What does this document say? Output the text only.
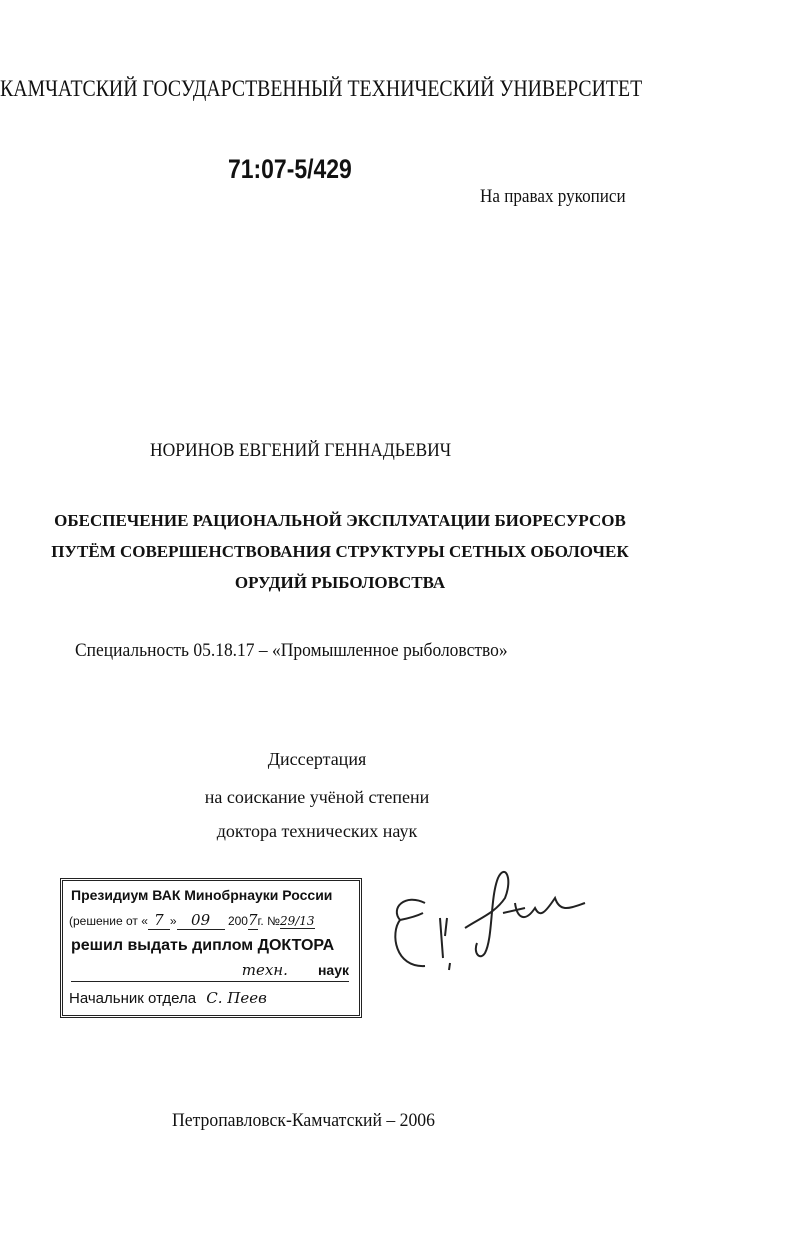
КАМЧАТСКИЙ ГОСУДАРСТВЕННЫЙ ТЕХНИЧЕСКИЙ УНИВЕРСИТЕТ
71:07-5/429
На правах рукописи
НОРИНОВ ЕВГЕНИЙ ГЕННАДЬЕВИЧ
ОБЕСПЕЧЕНИЕ РАЦИОНАЛЬНОЙ ЭКСПЛУАТАЦИИ БИОРЕСУРСОВ
ПУТЁМ СОВЕРШЕНСТВОВАНИЯ СТРУКТУРЫ СЕТНЫХ ОБОЛОЧЕК
ОРУДИЙ РЫБОЛОВСТВА
Специальность 05.18.17 – «Промышленное рыболовство»
Диссертация
на соискание учёной степени
доктора технических наук
Президиум ВАК Минобрнауки России
(решение от « 7 » 09 2007г. №29/13
решил выдать диплом ДОКТОРА
техн. наук
Начальник отдела С. Пеев
Петропавловск-Камчатский – 2006
